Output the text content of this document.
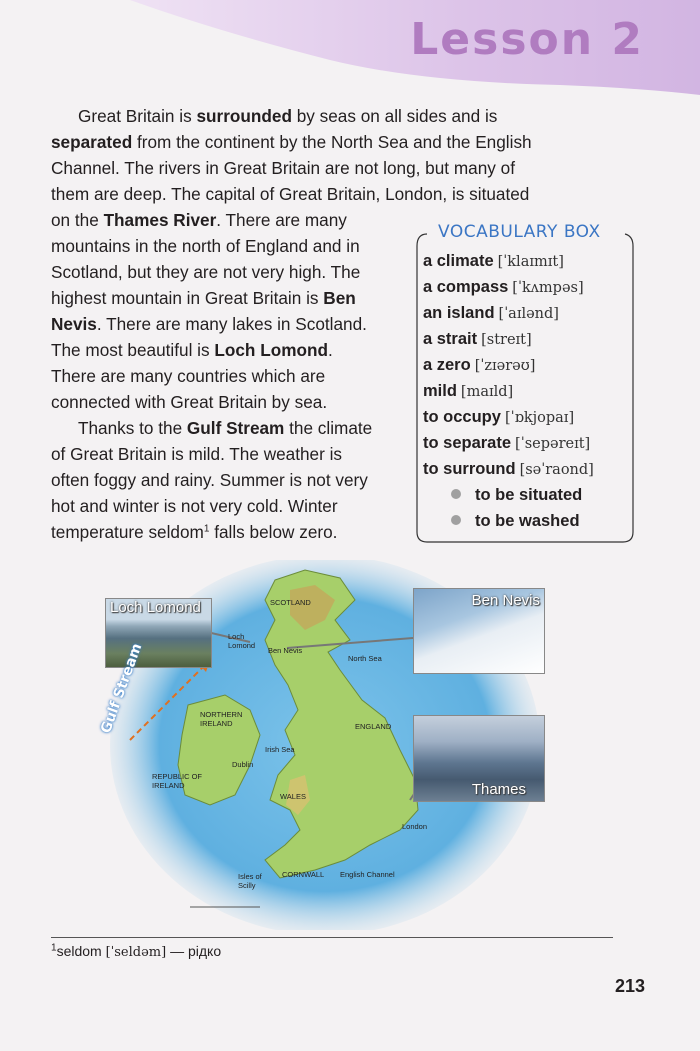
Lesson 2
Great Britain is surrounded by seas on all sides and is
separated from the continent by the North Sea and the English
Channel. The rivers in Great Britain are not long, but many of
them are deep. The capital of Great Britain, London, is situated
on the Thames River. There are many
mountains in the north of England and in
Scotland, but they are not very high. The
highest mountain in Great Britain is Ben
Nevis. There are many lakes in Scotland.
The most beautiful is Loch Lomond.
There are many countries which are
connected with Great Britain by sea.
Thanks to the Gulf Stream the climate
of Great Britain is mild. The weather is
often foggy and rainy. Summer is not very
hot and winter is not very cold. Winter
temperature seldom$^1$ falls below zero.
VOCABULARY BOX
a climate [ˈklaɪmɪt]
a compass [ˈkʌmpəs]
an island [ˈaɪlənd]
a strait [streɪt]
a zero [ˈzɪərəʊ]
mild [maɪld]
to occupy [ˈɒkjopaɪ]
to separate [ˈsepəreɪt]
to surround [səˈraond]
to be situated
to be washed
Loch Lomond	Ben Nevis
Thames
Gulf Stream
SCOTLAND
Loch Lomond
Ben Nevis
North Sea
NORTHERN IRELAND	ENGLAND
Irish Sea
Dublin
REPUBLIC OF IRELAND
WALES
London
English Channel
Isles of Scilly
CORNWALL
$^1$seldom [ˈseldəm] — рідко
213
